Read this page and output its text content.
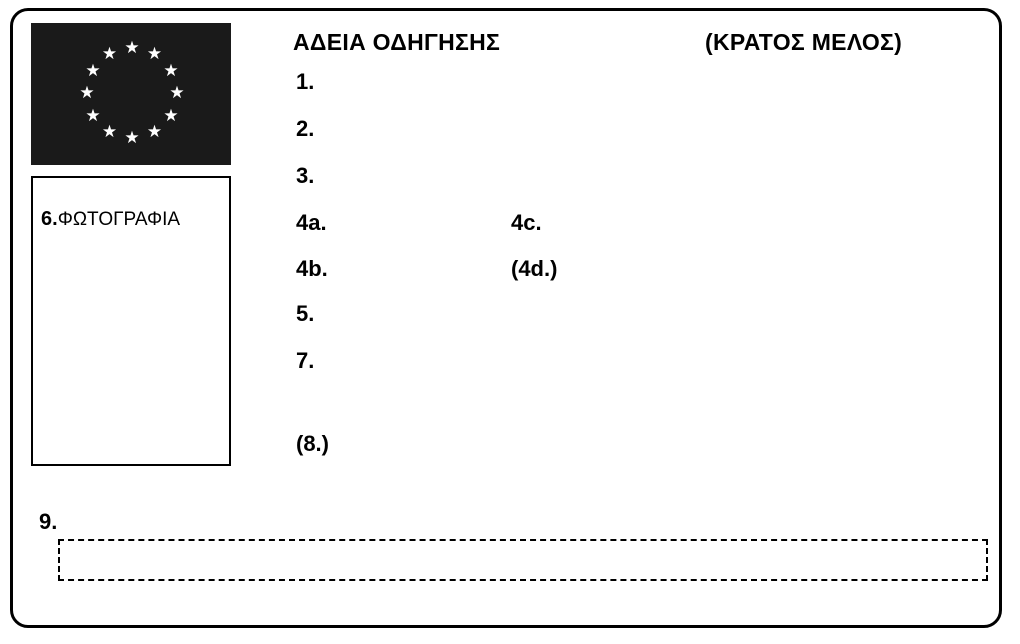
★ ★
★
★
★
★
★
★
★
★
★
★
6.ΦΩΤΟΓΡΑΦΙΑ
ΑΔΕΙΑ ΟΔΗΓΗΣΗΣ	(ΚΡΑΤΟΣ ΜΕΛΟΣ)
9.
1.
2.
3.
4a.	4c.
4b.	(4d.)
5.
7.
(8.)
